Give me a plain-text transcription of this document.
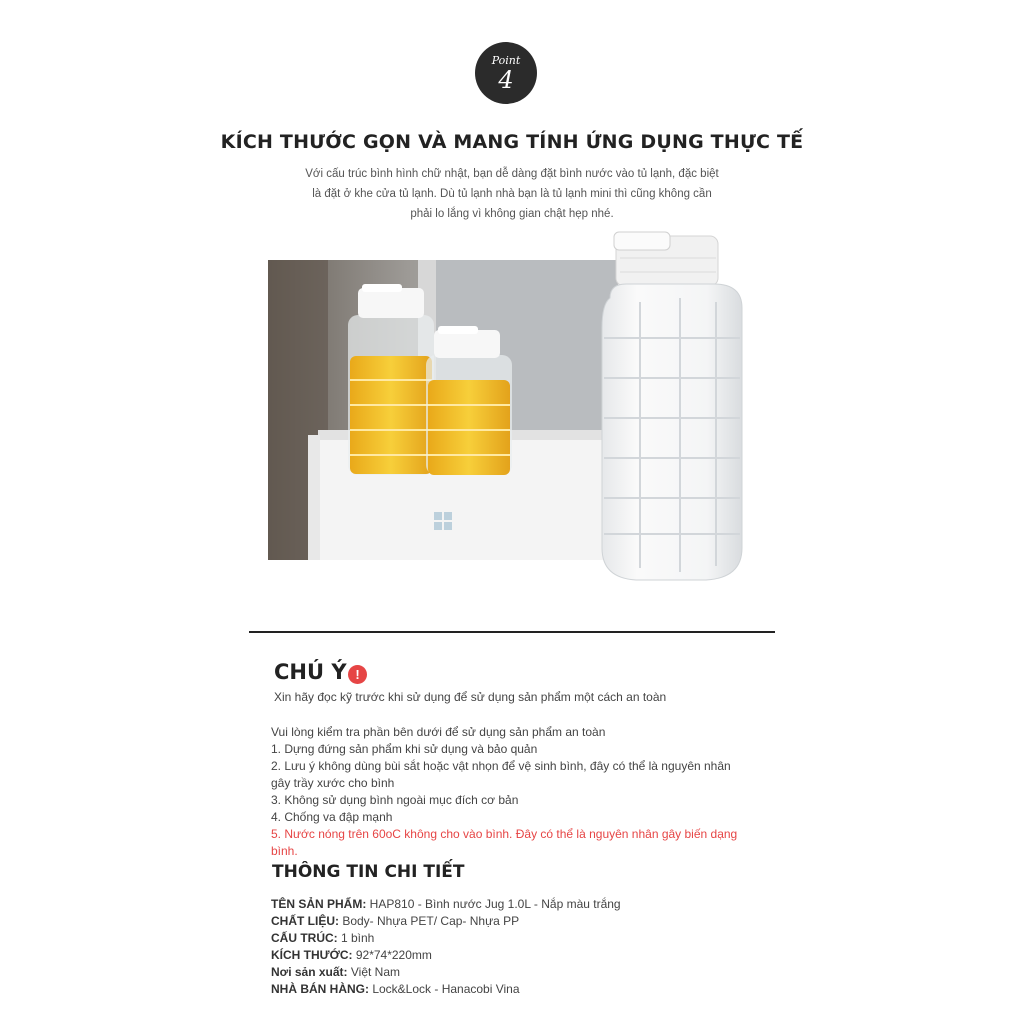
Point
4
KÍCH THƯỚC GỌN VÀ MANG TÍNH ỨNG DỤNG THỰC TẾ
Với cấu trúc bình hình chữ nhật, bạn dễ dàng đặt bình nước vào tủ lạnh, đặc biệt là đặt ở khe cửa tủ lạnh. Dù tủ lạnh nhà bạn là tủ lạnh mini thì cũng không cần phải lo lắng vì không gian chật hẹp nhé.
CHÚ Ý !
Xin hãy đọc kỹ trước khi sử dụng để sử dụng sản phẩm một cách an toàn
Vui lòng kiểm tra phần bên dưới để sử dụng sản phẩm an toàn
1. Dựng đứng sản phẩm khi sử dụng và bảo quản
2. Lưu ý không dùng bùi sắt hoặc vật nhọn để vệ sinh bình, đây có thể là nguyên nhân gây trầy xước cho bình
3. Không sử dụng bình ngoài mục đích cơ bản
4. Chống va đập mạnh
5. Nước nóng trên 60oC không cho vào bình. Đây có thể là nguyên nhân gây biến dạng bình.
THÔNG TIN CHI TIẾT
TÊN SẢN PHẨM: HAP810 - Bình nước Jug 1.0L - Nắp màu trắng
CHẤT LIỆU: Body- Nhựa PET/ Cap- Nhựa PP
CẤU TRÚC: 1 bình
KÍCH THƯỚC: 92*74*220mm
Nơi sản xuất: Việt Nam
NHÀ BÁN HÀNG: Lock&Lock - Hanacobi Vina
